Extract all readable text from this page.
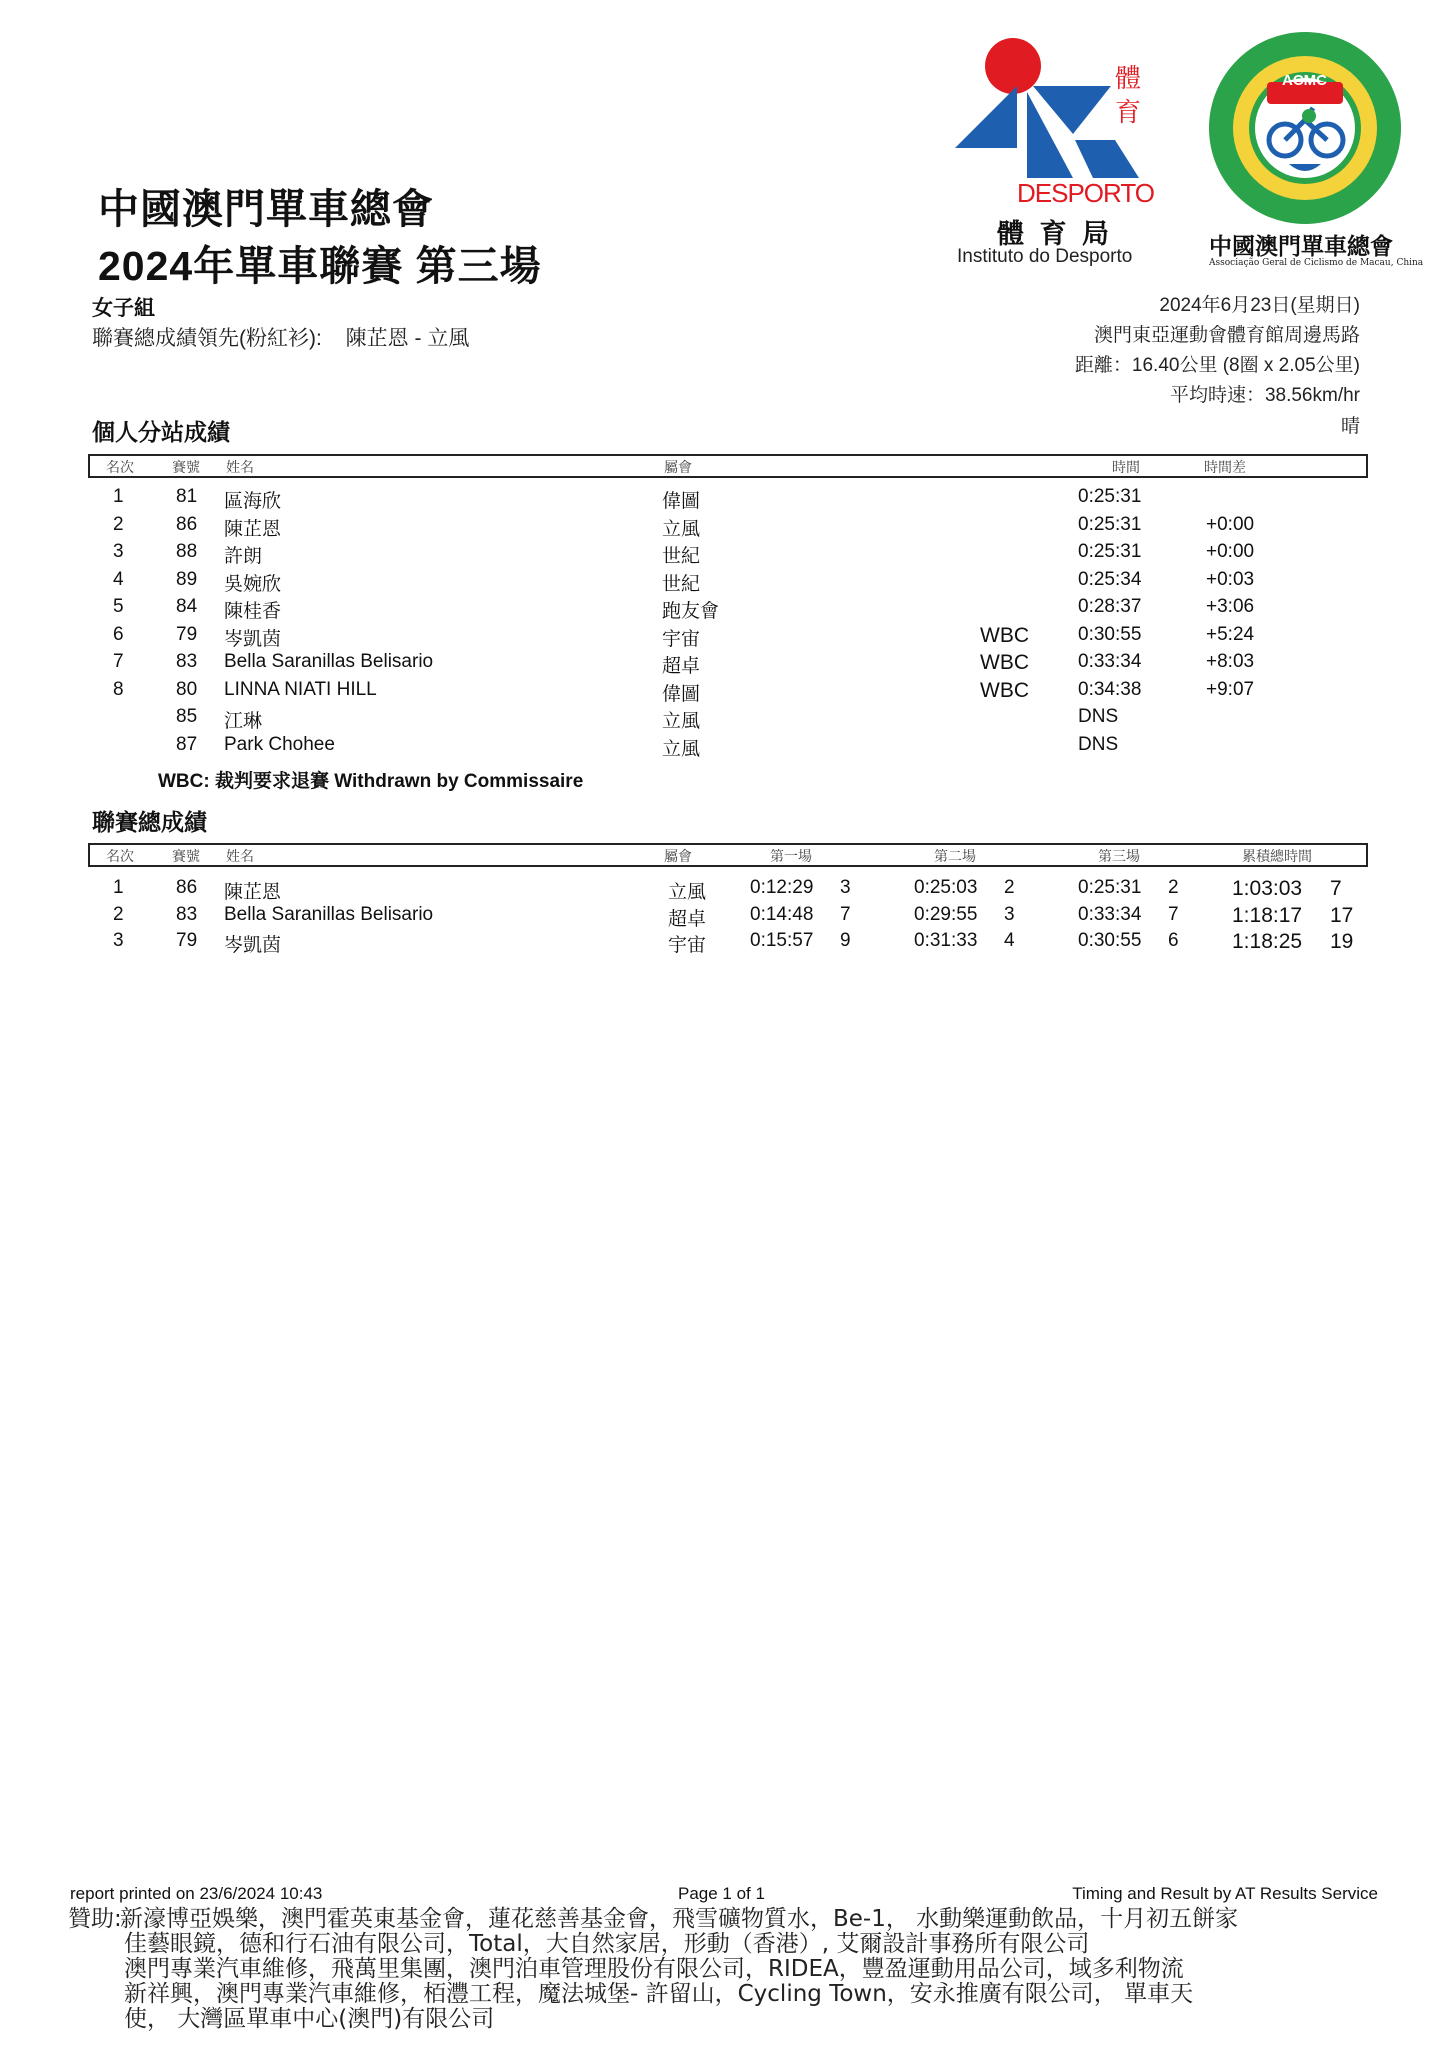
中國澳門單車總會
2024年單車聯賽 第三場
女子組
聯賽總成績領先(粉紅衫): 陳芷恩 - 立風
體
育
DESPORTO
體 育 局
Instituto do Desporto
ACMC
中國澳門單車總會
Associação Geral de Ciclismo de Macau, China
2024年6月23日(星期日)
澳門東亞運動會體育館周邊馬路
距離：16.40公里 (8圈 x 2.05公里)
平均時速：38.56km/hr
晴
個人分站成績
名次	賽號 姓名	屬會	時間	時間差
1	81 區海欣	偉圖	0:25:31
2	86 陳芷恩	立風	0:25:31	+0:00
3	88 許朗	世紀	0:25:31	+0:00
4	89 吳婉欣	世紀	0:25:34	+0:03
5	84 陳桂香	跑友會	0:28:37	+3:06
6	79 岑凱茵	宇宙	WBC	0:30:55	+5:24
7	83 Bella Saranillas Belisario	超卓	WBC	0:33:34	+8:03
8	80 LINNA NIATI HILL	偉圖	WBC	0:34:38	+9:07
85 江琳	立風	DNS
87 Park Chohee	立風	DNS
WBC: 裁判要求退賽 Withdrawn by Commissaire
聯賽總成績
名次	賽號 姓名	屬會	第一場	第二場	第三場	累積總時間
1	86 陳芷恩	立風 0:12:29 3	0:25:03 2	0:25:31 2	1:03:03 7
2	83 Bella Saranillas Belisario	超卓 0:14:48 7	0:29:55 3	0:33:34 7	1:18:17 17
3	79 岑凱茵	宇宙 0:15:57 9	0:31:33 4	0:30:55 6	1:18:25 19
report printed on 23/6/2024 10:43	Page 1 of 1	Timing and Result by AT Results Service
贊助:
新濠博亞娛樂，澳門霍英東基金會，蓮花慈善基金會，飛雪礦物質水，Be-1， 水動樂運動飲品，十月初五餅家
佳藝眼鏡，德和行石油有限公司，Total，大自然家居，形動（香港）, 艾爾設計事務所有限公司
澳門專業汽車維修，飛萬里集團，澳門泊車管理股份有限公司，RIDEA，豐盈運動用品公司，域多利物流
新祥興，澳門專業汽車維修，栢灃工程，魔法城堡- 許留山，Cycling Town，安永推廣有限公司， 單車天
使， 大灣區單車中心(澳門)有限公司
